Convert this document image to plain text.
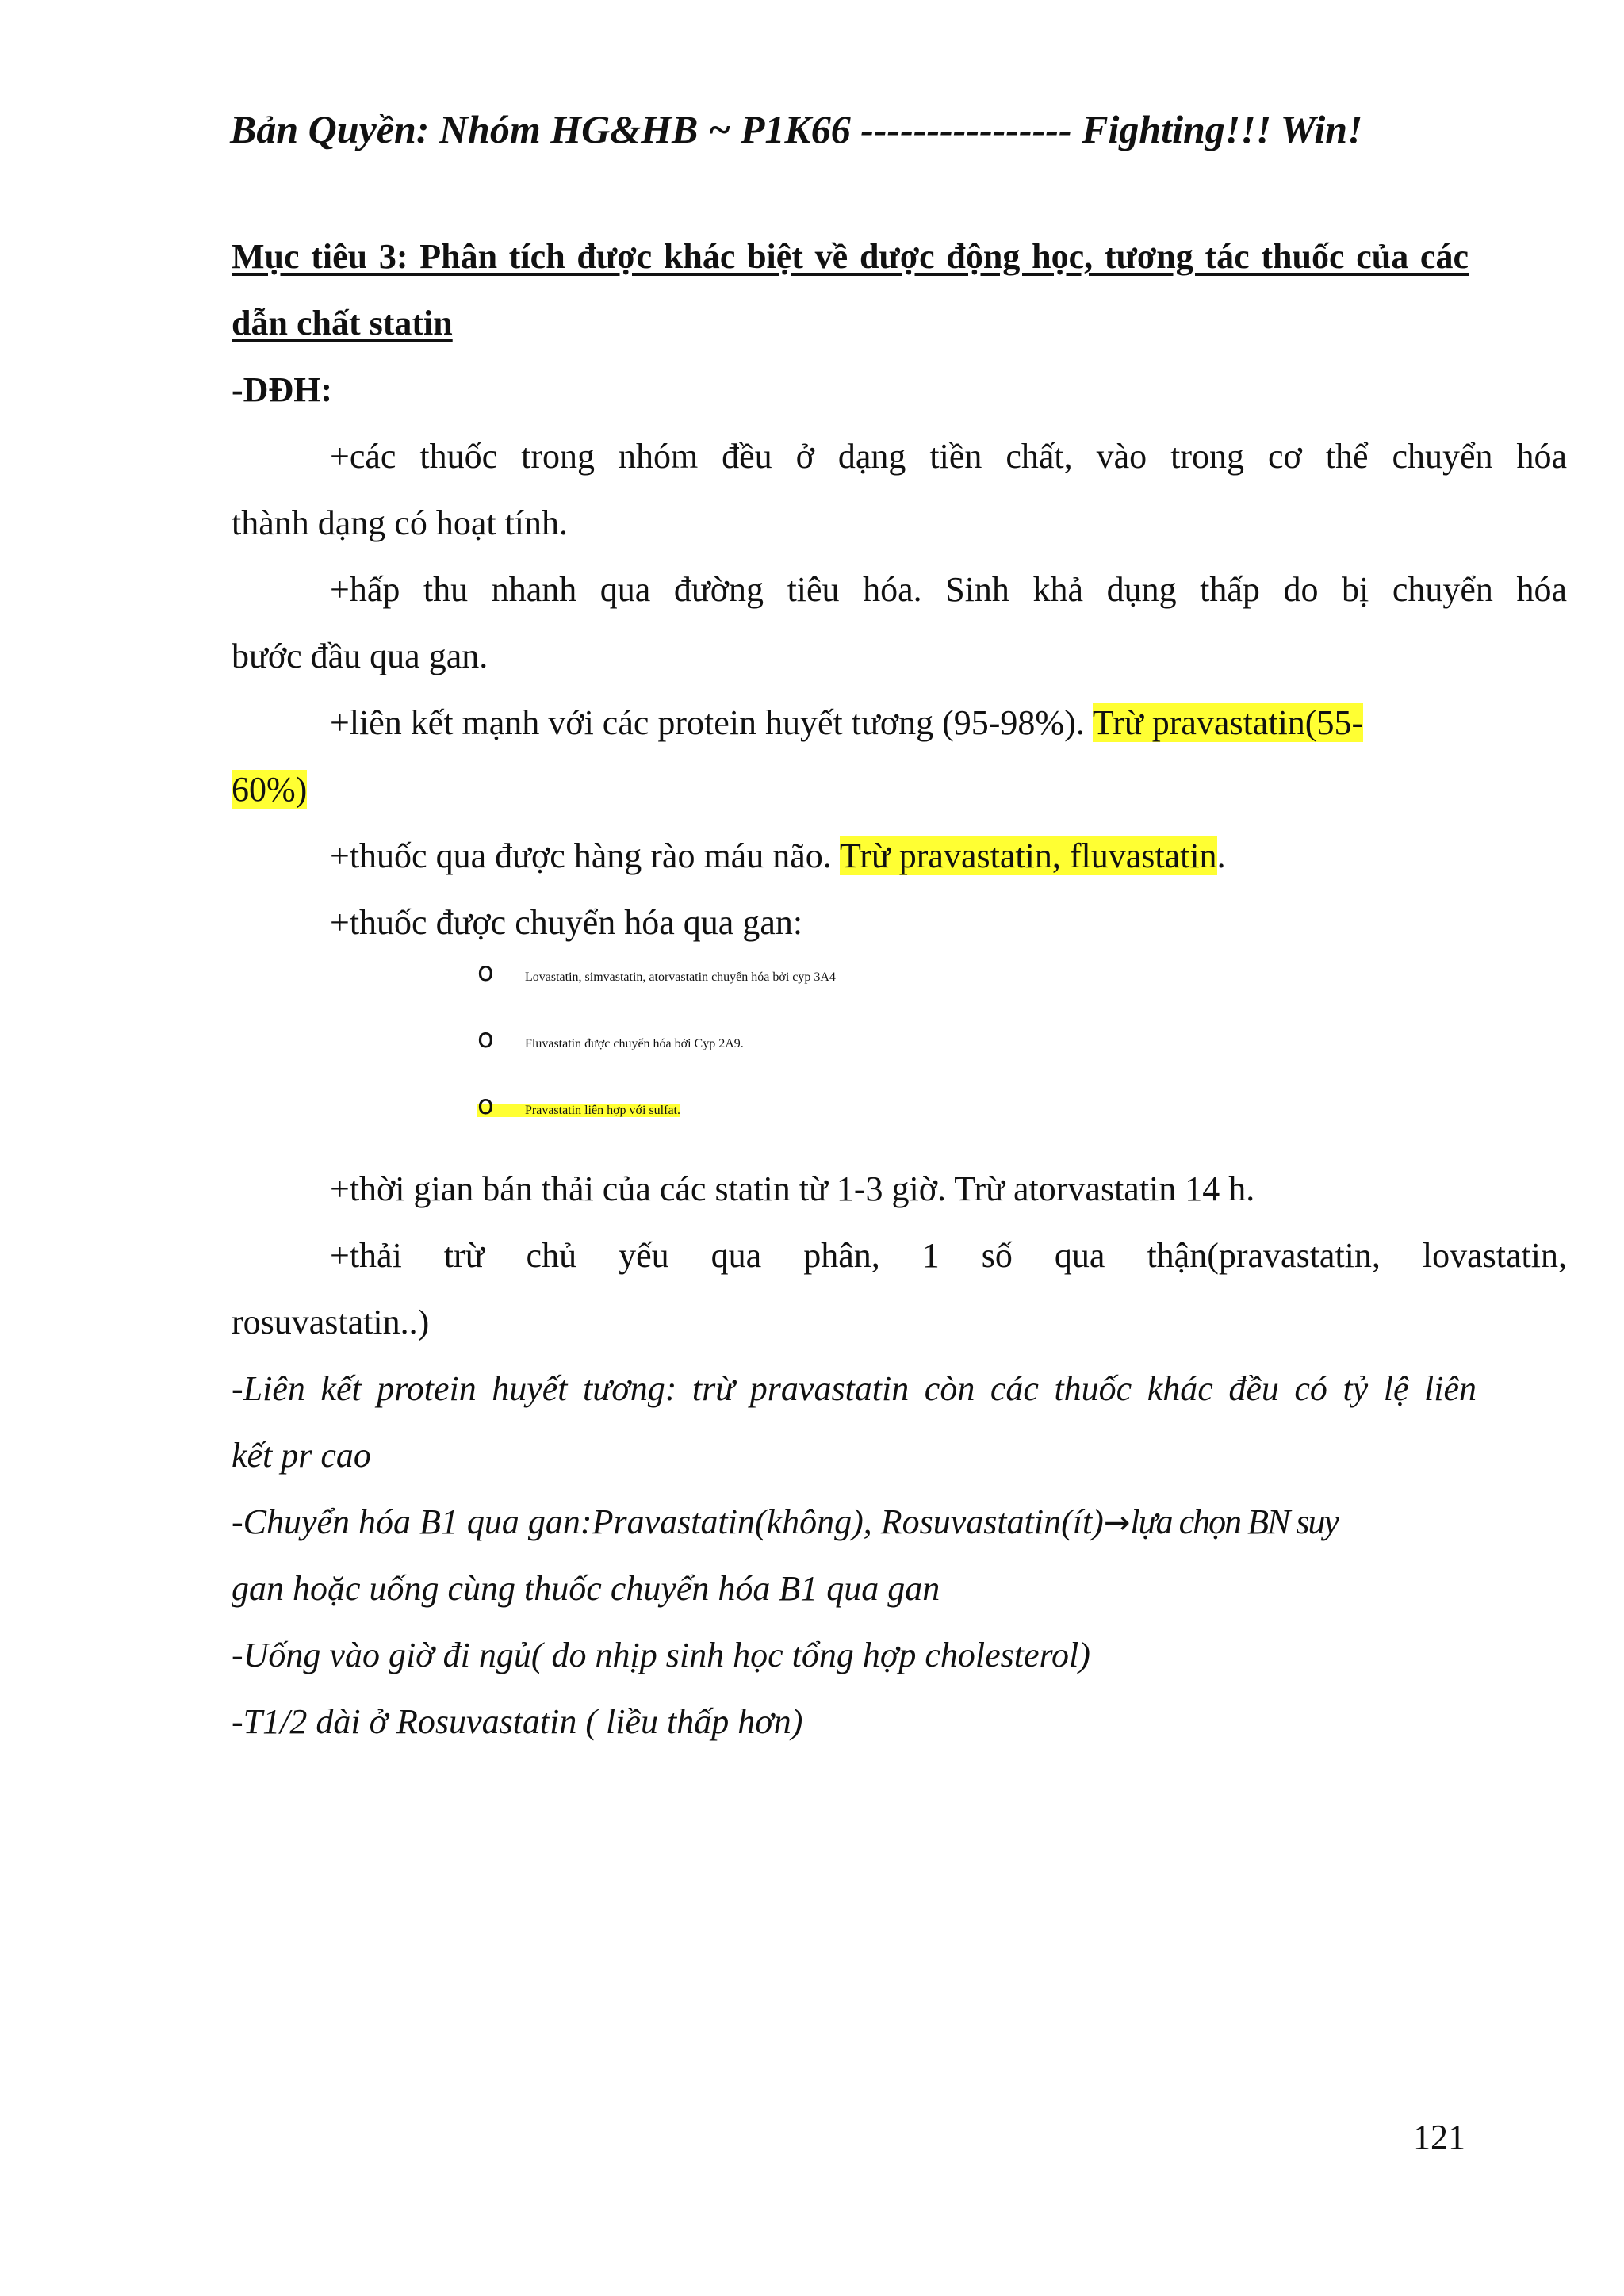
Bản Quyền: Nhóm HG&HB ~ P1K66 ---------------- Fighting!!! Win!
Mục tiêu 3: Phân tích được khác biệt về dược động học, tương tác thuốc của các dẫn chất statin
-DĐH:
+các thuốc trong nhóm đều ở dạng tiền chất, vào trong cơ thể chuyển hóa
thành dạng có hoạt tính.
+hấp thu nhanh qua đường tiêu hóa. Sinh khả dụng thấp do bị chuyển hóa
bước đầu qua gan.
+liên kết mạnh với các protein huyết tương (95-98%). Trừ pravastatin(55-
60%)
+thuốc qua được hàng rào máu não. Trừ pravastatin, fluvastatin.
+thuốc được chuyển hóa qua gan:
o Lovastatin, simvastatin, atorvastatin chuyển hóa bởi cyp 3A4
o Fluvastatin được chuyển hóa bởi Cyp 2A9.
o Pravastatin liên hợp với sulfat.
+thời gian bán thải của các statin từ 1-3 giờ. Trừ atorvastatin 14 h.
+thải trừ chủ yếu qua phân, 1 số qua thận(pravastatin, lovastatin,
rosuvastatin..)
-Liên kết protein huyết tương: trừ pravastatin còn các thuốc khác đều có tỷ lệ liên
kết pr cao
-Chuyển hóa B1 qua gan:Pravastatin(không), Rosuvastatin(ít)→lựa chọn BN suy
gan hoặc uống cùng thuốc chuyển hóa B1 qua gan
-Uống vào giờ đi ngủ( do nhịp sinh học tổng hợp cholesterol)
-T1/2 dài ở Rosuvastatin ( liều thấp hơn)
121
